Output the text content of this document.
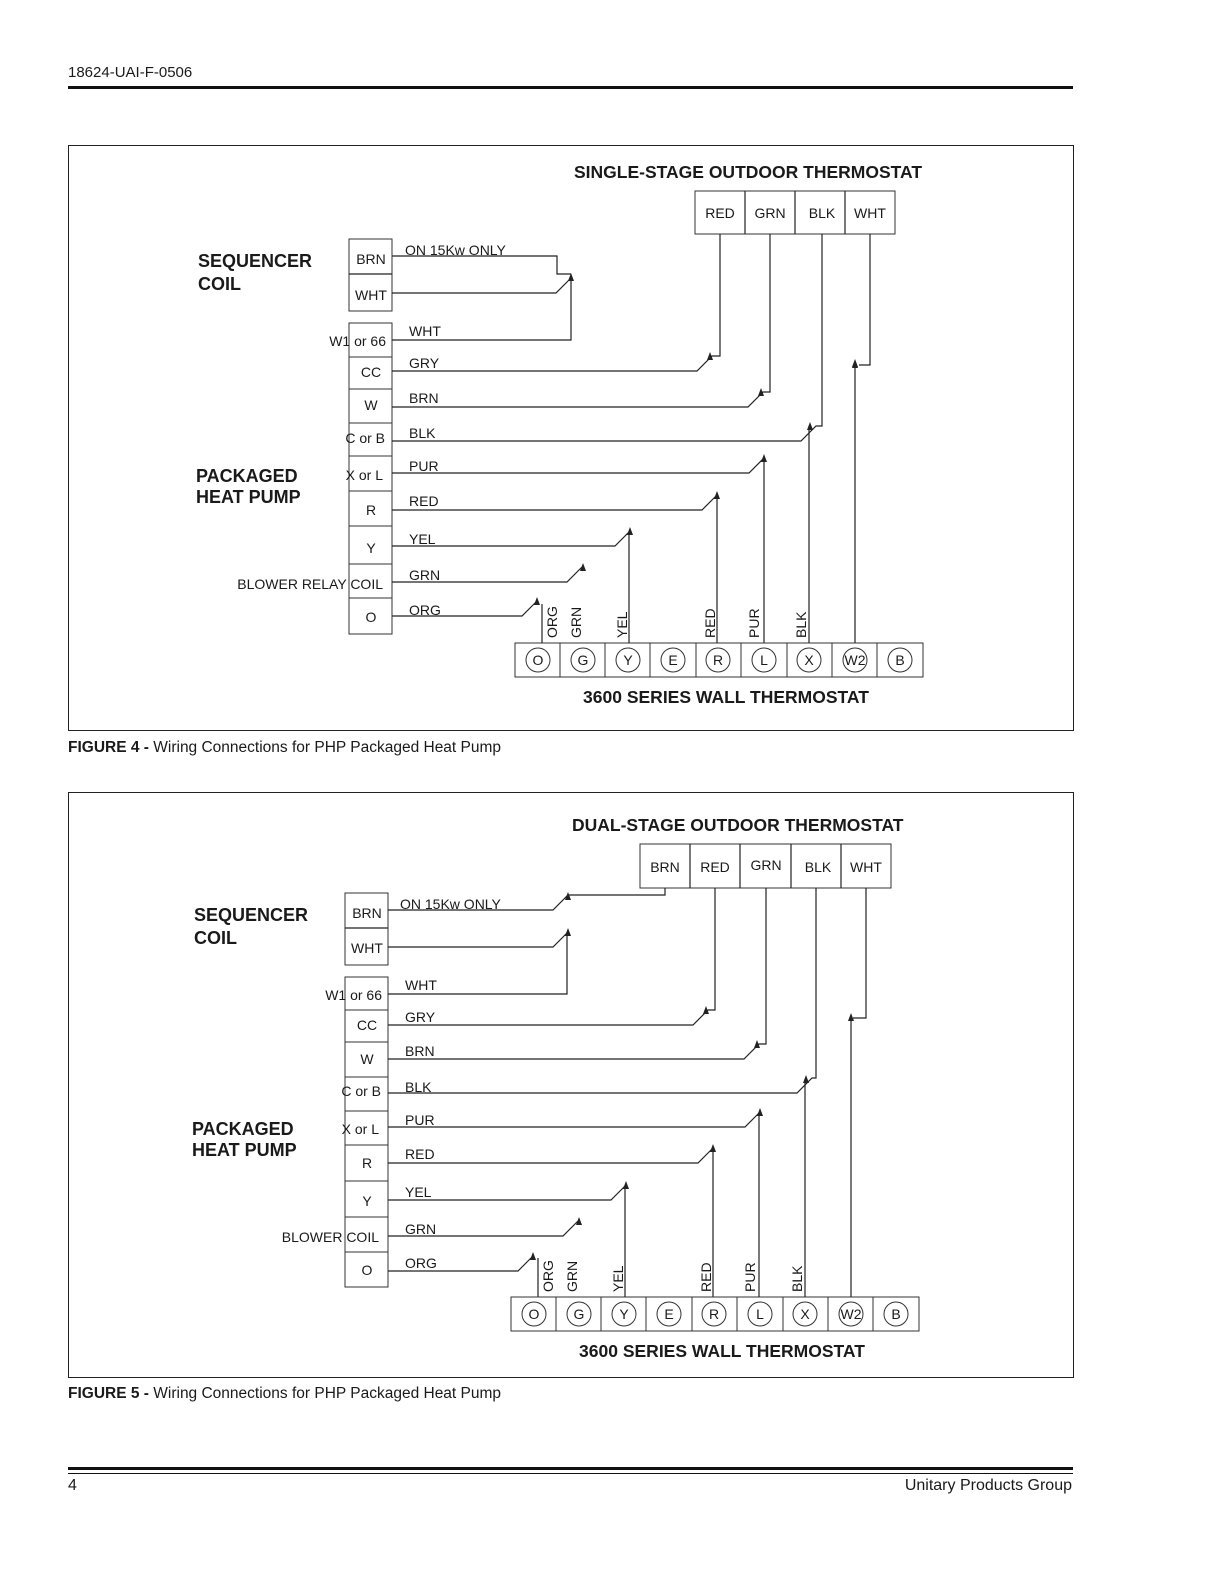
18624-UAI-F-0506
SINGLE-STAGE OUTDOOR THERMOSTAT
RED GRN BLK WHT
SEQUENCER
COIL
BRN
WHT
ON 15Kw ONLY
PACKAGED
HEAT PUMP
W1 or 66
CC
W
C or B
X or L
R
Y
BLOWER RELAY COIL
O
WHT
GRY
BRN
BLK
PUR
RED
YEL
GRN
ORG	ORG GRN YEL	RED PUR BLK
O G Y	E	R	L	X W2 B
3600 SERIES WALL THERMOSTAT
FIGURE 4 - Wiring Connections for PHP Packaged Heat Pump
DUAL-STAGE OUTDOOR THERMOSTAT
BRN RED GRN BLK WHT
SEQUENCER
COIL
BRN
WHT
ON 15Kw ONLY
PACKAGED
HEAT PUMP
W1 or 66
CC
W
C or B
X or L
R
Y
BLOWER COIL
O
WHT
GRY
BRN
BLK
PUR
RED
YEL
GRN
ORG	ORG GRN YEL	RED PUR BLK
O G Y	E	R	L	X W2 B
3600 SERIES WALL THERMOSTAT
FIGURE 5 - Wiring Connections for PHP Packaged Heat Pump
4	Unitary Products Group
